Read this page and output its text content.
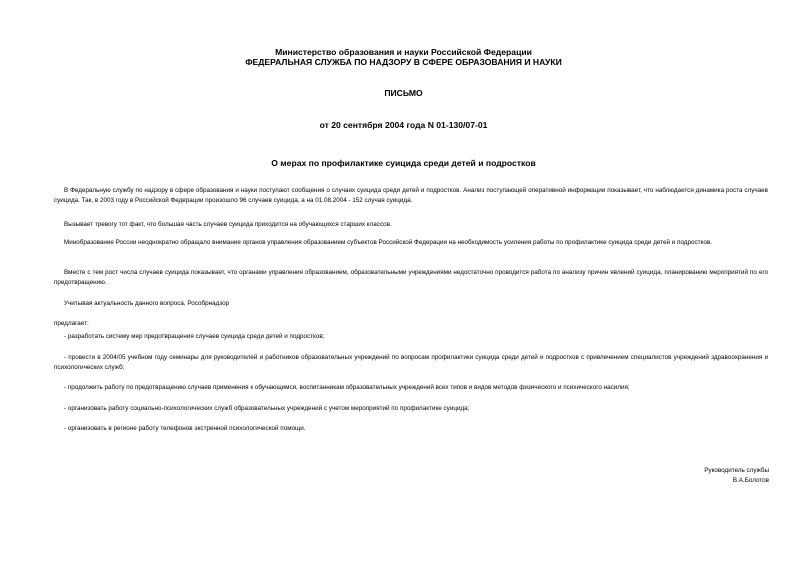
Министерство образования и науки Российской Федерации
ФЕДЕРАЛЬНАЯ СЛУЖБА ПО НАДЗОРУ В СФЕРЕ ОБРАЗОВАНИЯ И НАУКИ
ПИСЬМО
от 20 сентября 2004 года N 01-130/07-01
О мерах по профилактике суицида среди детей и подростков

В Федеральную службу по надзору в сфере образования и науки поступают сообщения о случаях суицида среди детей и подростков. Анализ поступающей оперативной информации показывает, что наблюдается динамика роста случаев суицида. Так, в 2003 году в Российской Федерации произошло 96 случаев суицида, а на 01.08.2004 - 152 случая суицида.

Вызывает тревогу тот факт, что большая часть случаев суицида приходится на обучающихся старших классов.

Минобразование России неоднократно обращало внимание органов управления образованием субъектов Российской Федерации на необходимость усиления работы по профилактике суицида среди детей и подростков.

Вместе с тем рост числа случаев суицида показывает, что органами управления образованием, образовательными учреждениями недостаточно проводится работа по анализу причин явлений суицида, планированию мероприятий по его предотвращению.

Учитывая актуальность данного вопроса, Рособрнадзор

предлагает:

- разработать систему мер предотвращения случаев суицида среди детей и подростков;

- провести в 2004/05 учебном году семинары для руководителей и работников образовательных учреждений по вопросам профилактики суицида среди детей и подростков с привлечением специалистов учреждений здравоохранения и психологических служб;

- продолжить работу по предотвращению случаев применения к обучающимся, воспитанникам образовательных учреждений всех типов и видов методов физического и психического насилия;

- организовать работу социально-психологических служб образовательных учреждений с учетом мероприятий по профилактике суицида;

- организовать в регионе работу телефонов экстренной психологической помощи.

Руководитель службы
В.А.Болотов
